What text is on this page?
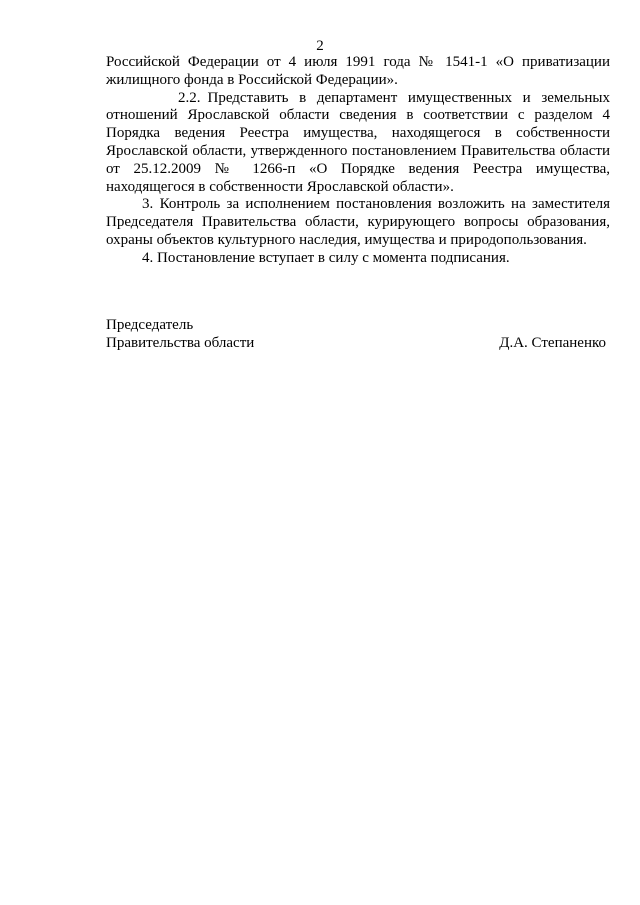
2

Российской Федерации от 4 июля 1991 года № 1541-1 «О приватизации жилищного фонда в Российской Федерации».

2.2. Представить в департамент имущественных и земельных отношений Ярославской области сведения в соответствии с разделом 4 Порядка ведения Реестра имущества, находящегося в собственности Ярославской области, утвержденного постановлением Правительства области от 25.12.2009 № 1266-п «О Порядке ведения Реестра имущества, находящегося в собственности Ярославской области».

3. Контроль за исполнением постановления возложить на заместителя Председателя Правительства области, курирующего вопросы образования, охраны объектов культурного наследия, имущества и природопользования.

4. Постановление вступает в силу с момента подписания.

Председатель
Правительства области	Д.А. Степаненко
